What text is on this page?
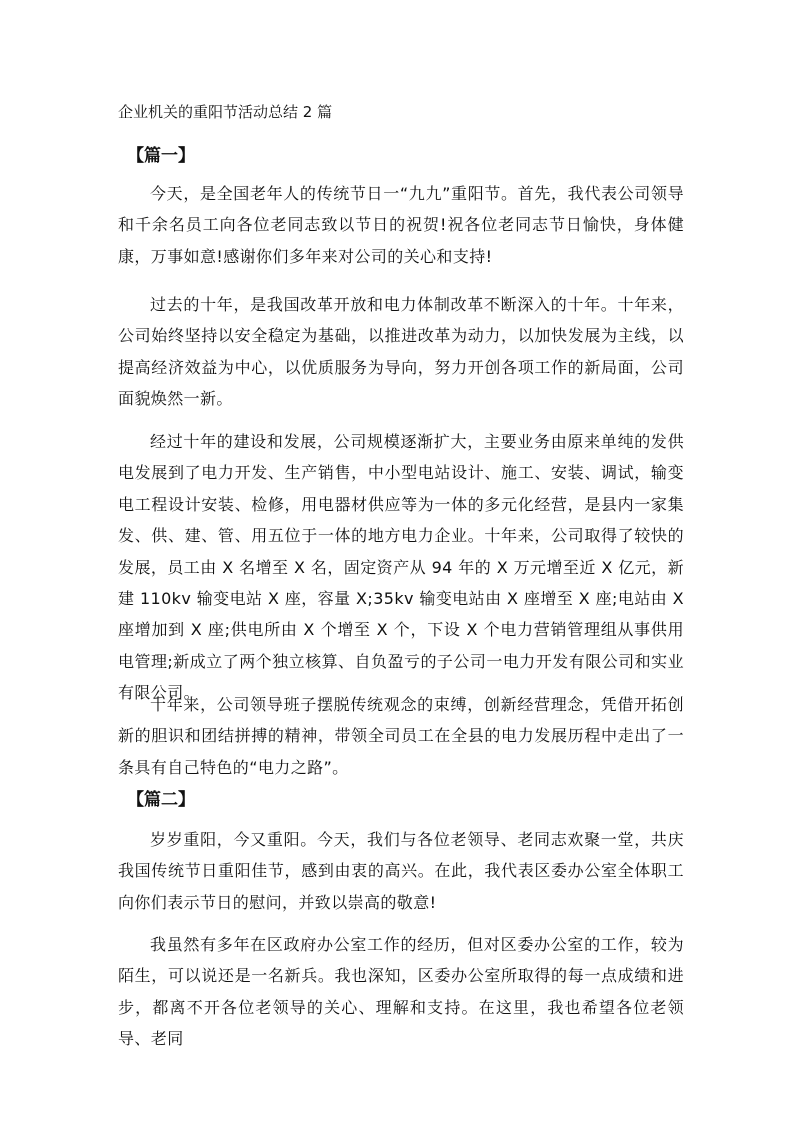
企业机关的重阳节活动总结 2 篇
【篇一】

今天，是全国老年人的传统节日一“九九”重阳节。首先，我代表公司领导和千余名员工向各位老同志致以节日的祝贺!祝各位老同志节日愉快，身体健康，万事如意!感谢你们多年来对公司的关心和支持!

过去的十年，是我国改革开放和电力体制改革不断深入的十年。十年来，公司始终坚持以安全稳定为基础，以推进改革为动力，以加快发展为主线，以提高经济效益为中心，以优质服务为导向，努力开创各项工作的新局面，公司面貌焕然一新。

经过十年的建设和发展，公司规模逐渐扩大，主要业务由原来单纯的发供电发展到了电力开发、生产销售，中小型电站设计、施工、安装、调试，输变电工程设计安装、检修，用电器材供应等为一体的多元化经营，是县内一家集发、供、建、管、用五位于一体的地方电力企业。十年来，公司取得了较快的发展，员工由 X 名增至 X 名，固定资产从 94 年的 X 万元增至近 X 亿元，新建 110kv 输变电站 X 座，容量 X;35kv 输变电站由 X 座增至 X 座;电站由 X 座增加到 X 座;供电所由 X 个增至 X 个，下设 X 个电力营销管理组从事供用电管理;新成立了两个独立核算、自负盈亏的子公司一电力开发有限公司和实业有限公司。

十年来，公司领导班子摆脱传统观念的束缚，创新经营理念，凭借开拓创新的胆识和团结拼搏的精神，带领全司员工在全县的电力发展历程中走出了一条具有自己特色的“电力之路”。

【篇二】

岁岁重阳，今又重阳。今天，我们与各位老领导、老同志欢聚一堂，共庆我国传统节日重阳佳节，感到由衷的高兴。在此，我代表区委办公室全体职工向你们表示节日的慰问，并致以崇高的敬意!

我虽然有多年在区政府办公室工作的经历，但对区委办公室的工作，较为陌生，可以说还是一名新兵。我也深知，区委办公室所取得的每一点成绩和进步，都离不开各位老领导的关心、理解和支持。在这里，我也希望各位老领导、老同
